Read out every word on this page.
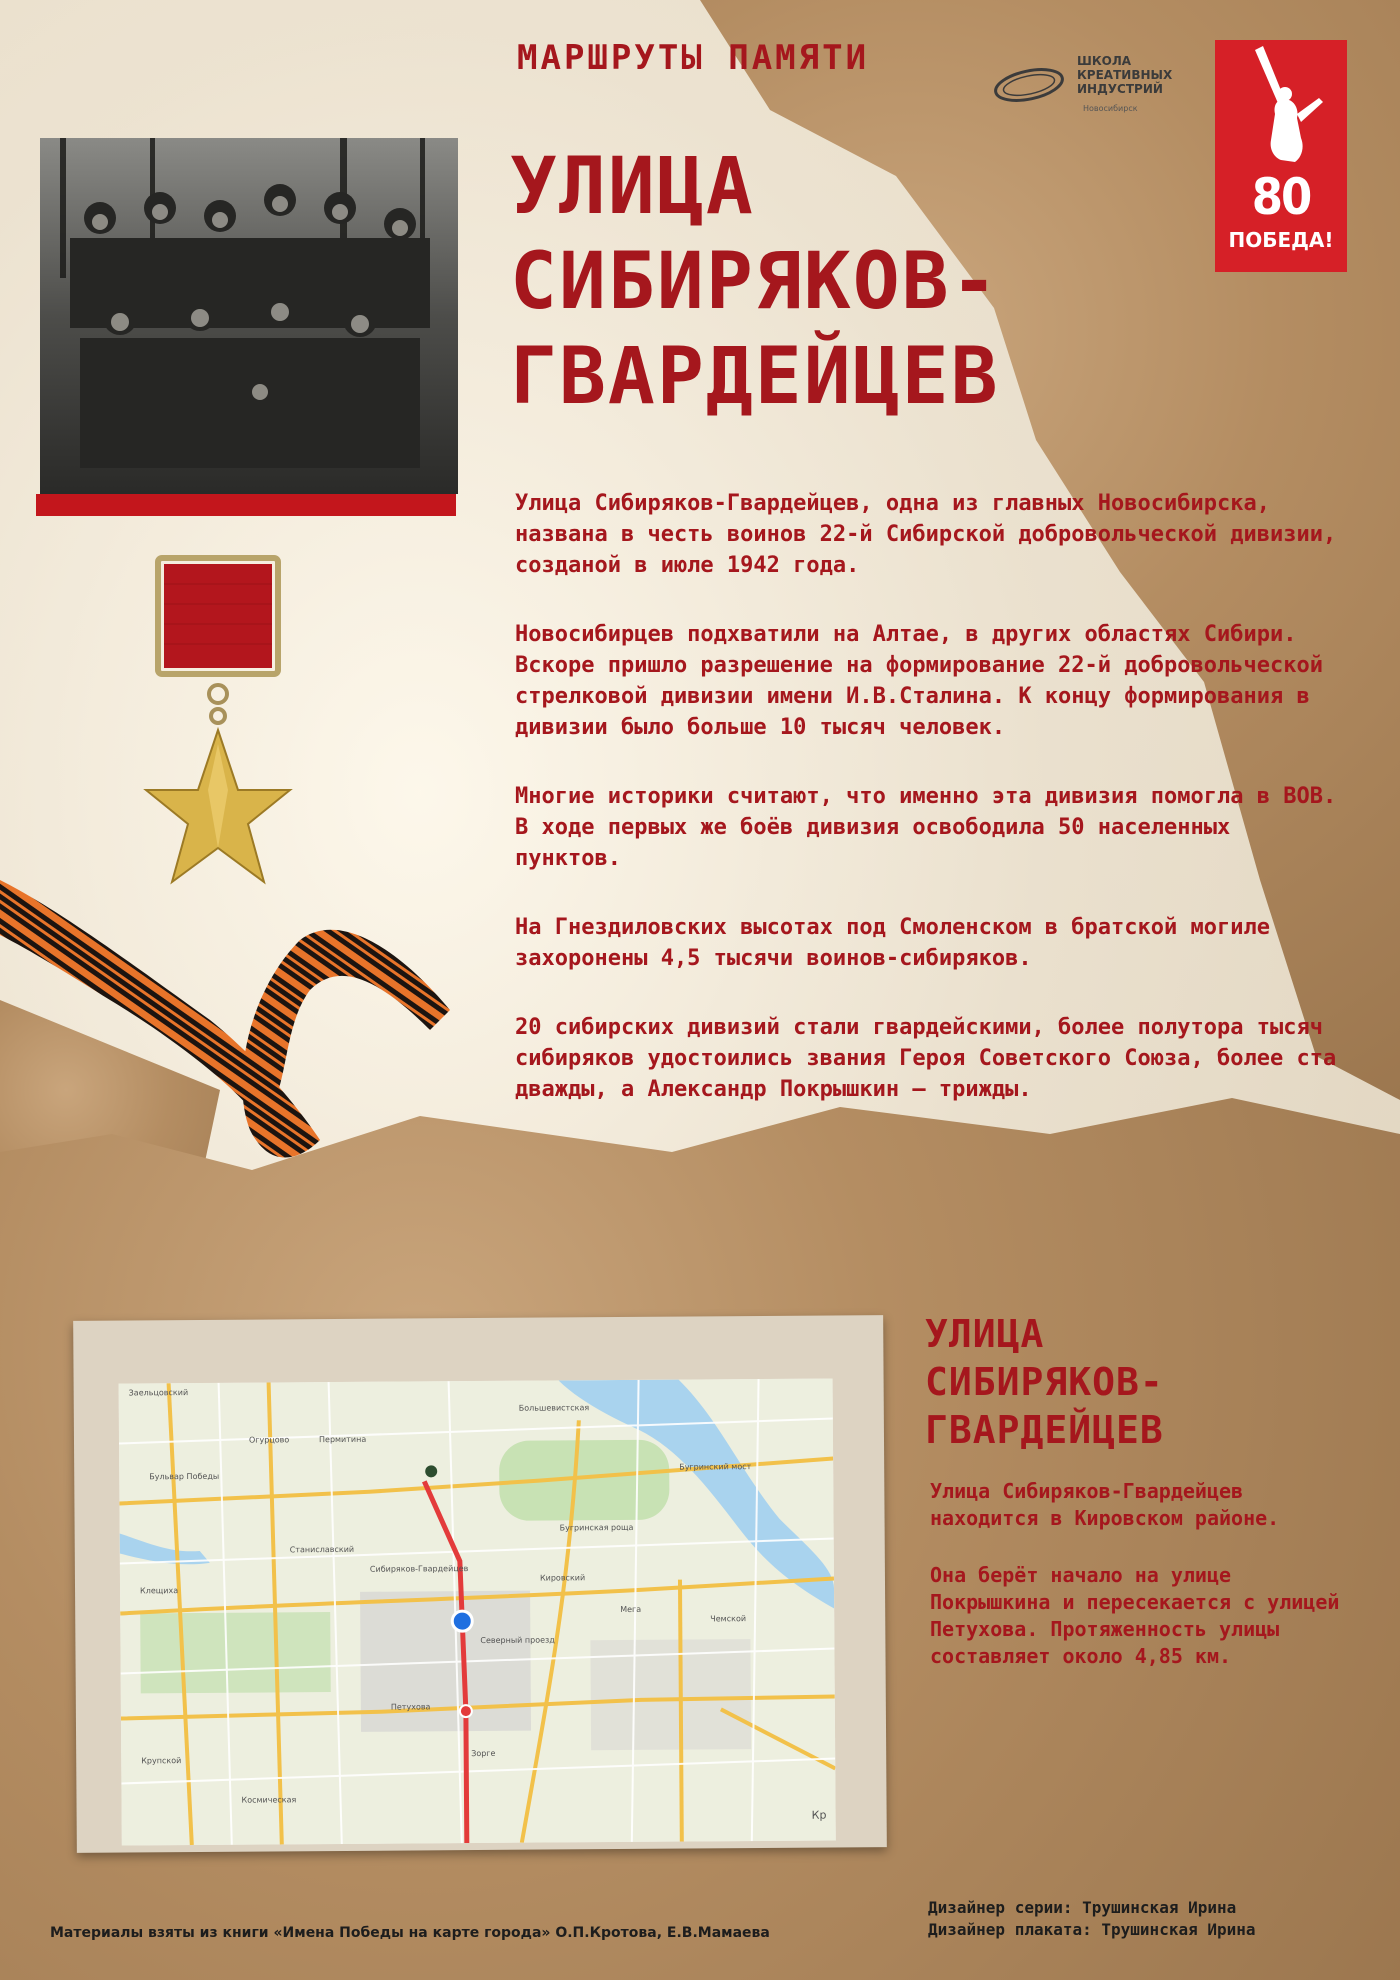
МАРШРУТЫ ПАМЯТИ	ШКОЛА
КРЕАТИВНЫХ
ИНДУСТРИЙ

Новосибирск

80

ПОБЕДА!

УЛИЦА
СИБИРЯКОВ-
ГВАРДЕЙЦЕВ

Улица Сибиряков-Гвардейцев, одна из главных Новосибирска, названа в честь воинов 22-й Сибирской добровольческой дивизии, созданой в июле 1942 года.

Новосибирцев подхватили на Алтае, в других областях Сибири. Вскоре пришло разрешение на формирование 22-й добровольческой стрелковой дивизии имени И.В.Сталина. К концу формирования в дивизии было больше 10 тысяч человек.

Многие историки считают, что именно эта дивизия помогла в ВОВ. В ходе первых же боёв дивизия освободила 50 населенных пунктов.

На Гнездиловских высотах под Смоленском в братской могиле захоронены 4,5 тысячи воинов-сибиряков.

20 сибирских дивизий стали гвардейскими, более полутора тысяч сибиряков удостоились звания Героя Советского Союза, более ста дважды, а Александр Покрышкин — трижды.

Заельцовский
Кировский
Бугринская роща
Северный проезд
Петухова
Зорге
Мега
Чемской
Станиславский
Клещиха
Огурцово
Сибиряков-Гвардейцев
Бульвар Победы
Бугринский мост
Крупской
Космическая
Пермитина
Большевистская
Кр
УЛИЦА
СИБИРЯКОВ-
ГВАРДЕЙЦЕВ

Улица Сибиряков-Гвардейцев находится в Кировском районе.

Она берёт начало на улице Покрышкина и пересекается с улицей Петухова. Протяженность улицы составляет около 4,85 км.

Материалы взяты из книги «Имена Победы на карте города» О.П.Кротова, Е.В.Мамаева

Дизайнер серии: Трушинская Ирина
Дизайнер плаката: Трушинская Ирина
